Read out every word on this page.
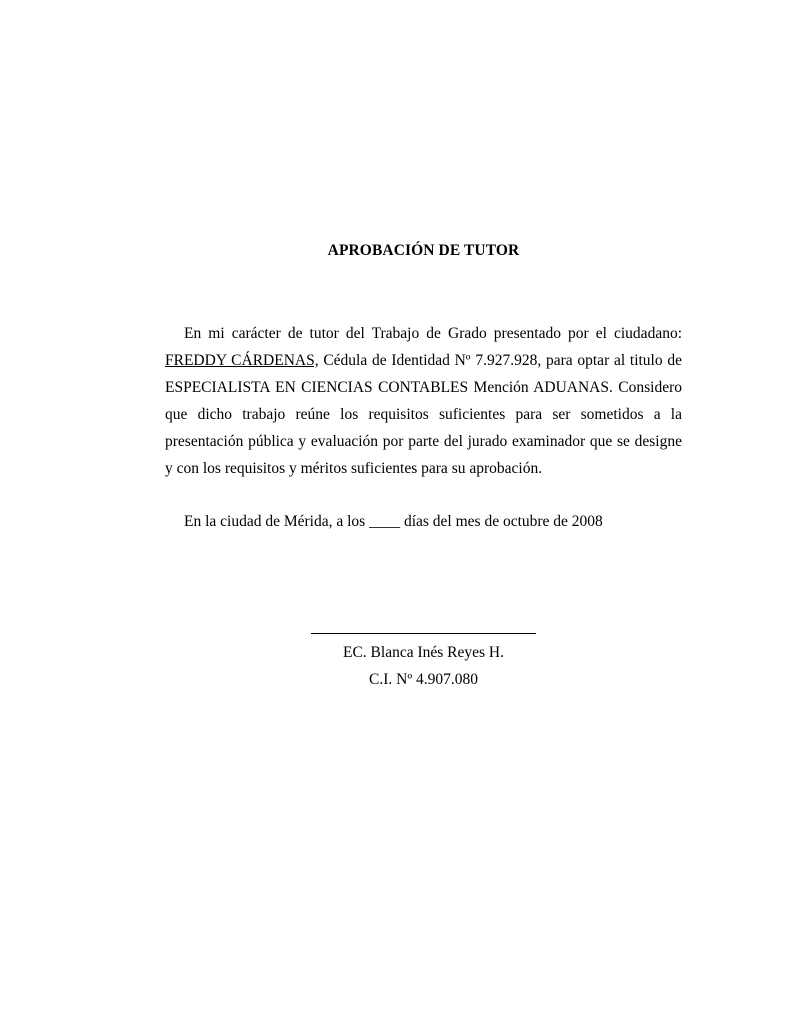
APROBACIÓN DE TUTOR

En mi carácter de tutor del Trabajo de Grado presentado por el ciudadano: FREDDY CÁRDENAS, Cédula de Identidad Nº 7.927.928, para optar al titulo de ESPECIALISTA EN CIENCIAS CONTABLES Mención ADUANAS. Considero que dicho trabajo reúne los requisitos suficientes para ser sometidos a la presentación pública y evaluación por parte del jurado examinador que se designe y con los requisitos y méritos suficientes para su aprobación.

En la ciudad de Mérida, a los ____ días del mes de octubre de 2008

EC. Blanca Inés Reyes H.
C.I. Nº 4.907.080
